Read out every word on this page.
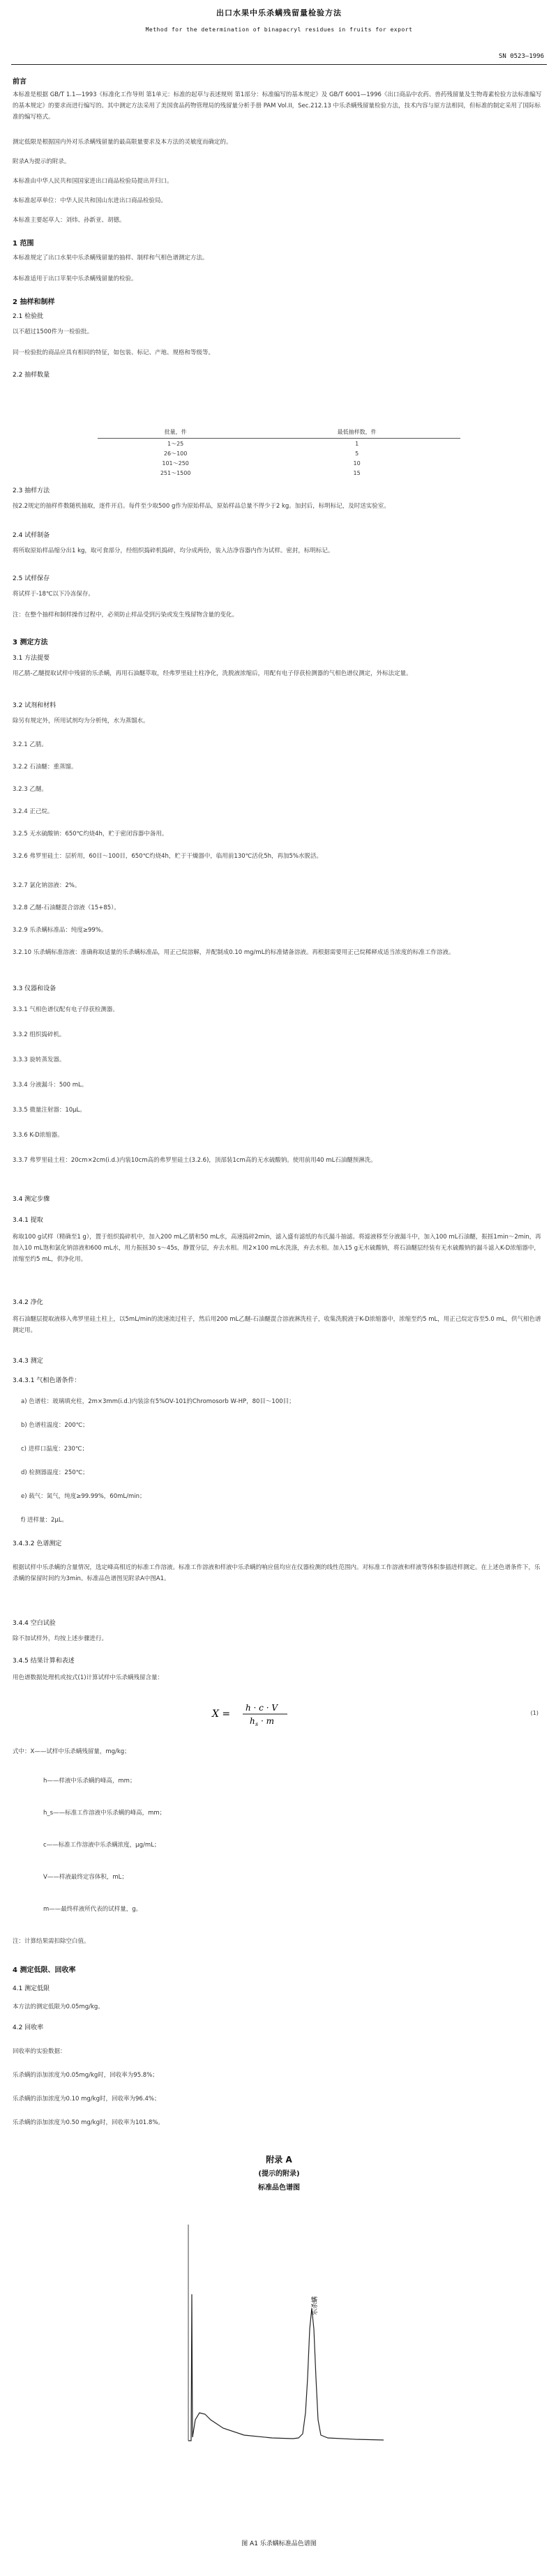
出口水果中乐杀螨残留量检验方法
Method for the determination of binapacryl residues in fruits for export
SN 0523—1996
前言
本标准是根据 GB/T 1.1—1993《标准化工作导则 第1单元：标准的起草与表述规则 第1部分：标准编写的基本规定》及 GB/T 6001—1996《出口商品中农药、兽药残留量及生物毒素检验方法标准编写的基本规定》的要求而进行编写的。其中测定方法采用了美国食品药物管理局的残留量分析手册 PAM Vol.II，Sec.212.13 中乐杀螨残留量检验方法，技术内容与原方法相同，但标准的制定采用了国际标准的编写格式。
测定低限是根据国内外对乐杀螨残留量的最高限量要求及本方法的灵敏度而确定的。
附录A为提示的附录。
本标准由中华人民共和国国家进出口商品检验局提出并归口。
本标准起草单位：中华人民共和国山东进出口商品检验局。
本标准主要起草人：刘炜、孙新亚、胡德。
1 范围
本标准规定了出口水果中乐杀螨残留量的抽样、制样和气相色谱测定方法。
本标准适用于出口苹果中乐杀螨残留量的检验。
2 抽样和制样
2.1 检验批
以不超过1500件为一检验批。
同一检验批的商品应具有相同的特征，如包装、标记、产地、规格和等级等。
2.2 抽样数量
批量，件	最低抽样数，件
1～25	1
26～100	5
101～250	10
251～1500	15
2.3 抽样方法
按2.2规定的抽样件数随机抽取，逐件开启。每件至少取500 g作为原始样品，原始样品总量不得少于2 kg。加封后，标明标记，及时送实验室。
2.4 试样制备
将所取原始样品缩分出1 kg，取可食部分，经组织捣碎机捣碎，均分成两份，装入洁净容器内作为试样。密封，标明标记。
2.5 试样保存
将试样于-18℃以下冷冻保存。
注：在整个抽样和制样操作过程中，必须防止样品受到污染或发生残留物含量的变化。
3 测定方法
3.1 方法提要
用乙腈-乙醚提取试样中残留的乐杀螨，再用石油醚萃取，经弗罗里硅土柱净化，洗脱液浓缩后，用配有电子俘获检测器的气相色谱仪测定，外标法定量。
3.2 试剂和材料
除另有规定外，所用试剂均为分析纯，水为蒸馏水。
3.2.1 乙腈。
3.2.2 石油醚：重蒸馏。
3.2.3 乙醚。
3.2.4 正己烷。
3.2.5 无水硫酸钠：650℃灼烧4h，贮于密闭容器中备用。
3.2.6 弗罗里硅土：层析用，60目～100目，650℃灼烧4h，贮于干燥器中，临用前130℃活化5h，再加5%水脱活。
3.2.7 氯化钠溶液：2%。
3.2.8 乙醚-石油醚混合溶液（15+85）。
3.2.9 乐杀螨标准品：纯度≥99%。
3.2.10 乐杀螨标准溶液：准确称取适量的乐杀螨标准品，用正己烷溶解，并配制成0.10 mg/mL的标准储备溶液。再根据需要用正己烷稀释成适当浓度的标准工作溶液。
3.3 仪器和设备
3.3.1 气相色谱仪配有电子俘获检测器。
3.3.2 组织捣碎机。
3.3.3 旋转蒸发器。
3.3.4 分液漏斗：500 mL。
3.3.5 微量注射器：10μL。
3.3.6 K-D浓缩器。
3.3.7 弗罗里硅土柱：20cm×2cm(i.d.)内装10cm高的弗罗里硅土(3.2.6)，顶部装1cm高的无水硫酸钠。使用前用40 mL石油醚预淋洗。
3.4 测定步骤
3.4.1 提取
称取100 g试样（精确至1 g），置于组织捣碎机中，加入200 mL乙腈和50 mL水，高速捣碎2min，滤入盛有滤纸的布氏漏斗抽滤。将滤液移至分液漏斗中，加入100 mL石油醚，振摇1min～2min，再加入10 mL饱和氯化钠溶液和600 mL水，用力振摇30 s～45s，静置分层，弃去水相。用2×100 mL水洗涤，弃去水相。加入15 g无水硫酸钠，将石油醚层经装有无水硫酸钠的漏斗滤入K-D浓缩器中，浓缩至约5 mL，供净化用。
3.4.2 净化
将石油醚层提取液移入弗罗里硅土柱上，以5mL/min的流速流过柱子，然后用200 mL乙醚-石油醚混合溶液淋洗柱子，收集洗脱液于K-D浓缩器中，浓缩至约5 mL，用正己烷定容至5.0 mL，供气相色谱测定用。
3.4.3 测定
3.4.3.1 气相色谱条件：
a) 色谱柱：玻璃填充柱，2m×3mm(i.d.)内装涂有5%OV-101的Chromosorb W-HP，80目～100目；
b) 色谱柱温度：200℃；
c) 进样口温度：230℃；
d) 检测器温度：250℃；
e) 载气：氮气，纯度≥99.99%，60mL/min；
f) 进样量：2μL。
3.4.3.2 色谱测定
根据试样中乐杀螨的含量情况，选定峰高相近的标准工作溶液。标准工作溶液和样液中乐杀螨的响应值均应在仪器检测的线性范围内。对标准工作溶液和样液等体积参插进样测定。在上述色谱条件下，乐杀螨的保留时间约为3min。标准品色谱图见附录A中图A1。
3.4.4 空白试验
除不加试样外，均按上述步骤进行。
3.4.5 结果计算和表述
用色谱数据处理机或按式(1)计算试样中乐杀螨残留含量：
X =
h · c · V
h s · m
(1)
式中：X——试样中乐杀螨残留量，mg/kg；
h——样液中乐杀螨的峰高，mm；
h_s——标准工作溶液中乐杀螨的峰高，mm；
c——标准工作溶液中乐杀螨浓度，μg/mL；
V——样液最终定容体积，mL；
m——最终样液所代表的试样量，g。
注：计算结果需扣除空白值。
4 测定低限、回收率
4.1 测定低限
本方法的测定低限为0.05mg/kg。
4.2 回收率
回收率的实验数据：
乐杀螨的添加浓度为0.05mg/kg时，回收率为95.8%；
乐杀螨的添加浓度为0.10 mg/kg时，回收率为96.4%；
乐杀螨的添加浓度为0.50 mg/kg时，回收率为101.8%。
附录 A
(提示的附录)
标准品色谱图
乐杀螨
图 A1 乐杀螨标准品色谱图
